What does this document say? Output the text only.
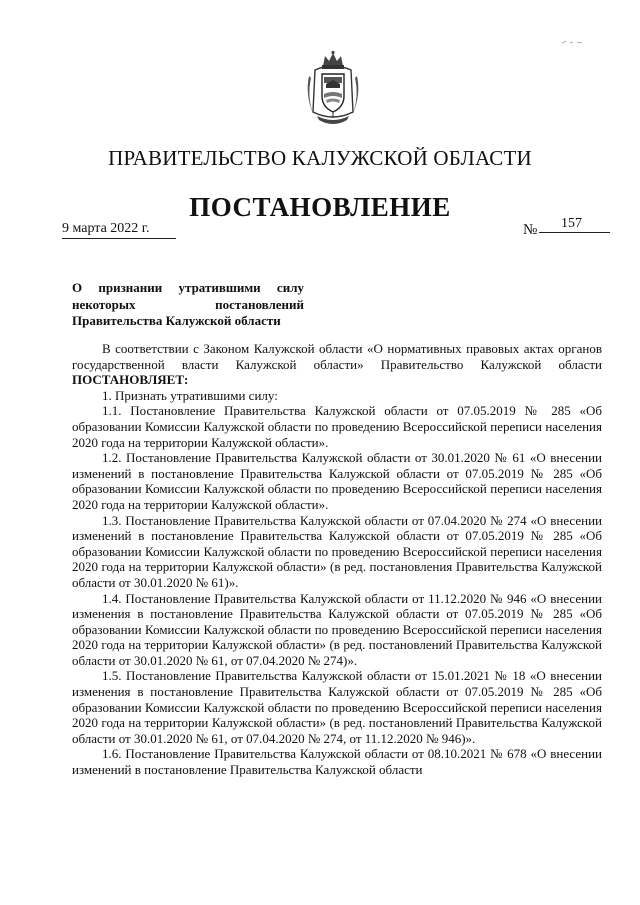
ПРАВИТЕЛЬСТВО КАЛУЖСКОЙ ОБЛАСТИ
ПОСТАНОВЛЕНИЕ
9 марта 2022 г.	№	157
О признании утратившими силу
некоторых постановлений
Правительства Калужской области

В соответствии с Законом Калужской области «О нормативных правовых актах органов государственной власти Калужской области» Правительство Калужской области ПОСТАНОВЛЯЕТ:

1. Признать утратившими силу:

1.1. Постановление Правительства Калужской области от 07.05.2019 № 285 «Об образовании Комиссии Калужской области по проведению Всероссийской переписи населения 2020 года на территории Калужской области».

1.2. Постановление Правительства Калужской области от 30.01.2020 № 61 «О внесении изменений в постановление Правительства Калужской области от 07.05.2019 № 285 «Об образовании Комиссии Калужской области по проведению Всероссийской переписи населения 2020 года на территории Калужской области».

1.3. Постановление Правительства Калужской области от 07.04.2020 № 274 «О внесении изменений в постановление Правительства Калужской области от 07.05.2019 № 285 «Об образовании Комиссии Калужской области по проведению Всероссийской переписи населения 2020 года на территории Калужской области» (в ред. постановления Правительства Калужской области от 30.01.2020 № 61)».

1.4. Постановление Правительства Калужской области от 11.12.2020 № 946 «О внесении изменения в постановление Правительства Калужской области от 07.05.2019 № 285 «Об образовании Комиссии Калужской области по проведению Всероссийской переписи населения 2020 года на территории Калужской области» (в ред. постановлений Правительства Калужской области от 30.01.2020 № 61, от 07.04.2020 № 274)».

1.5. Постановление Правительства Калужской области от 15.01.2021 № 18 «О внесении изменения в постановление Правительства Калужской области от 07.05.2019 № 285 «Об образовании Комиссии Калужской области по проведению Всероссийской переписи населения 2020 года на территории Калужской области» (в ред. постановлений Правительства Калужской области от 30.01.2020 № 61, от 07.04.2020 № 274, от 11.12.2020 № 946)».

1.6. Постановление Правительства Калужской области от 08.10.2021 № 678 «О внесении изменений в постановление Правительства Калужской области
